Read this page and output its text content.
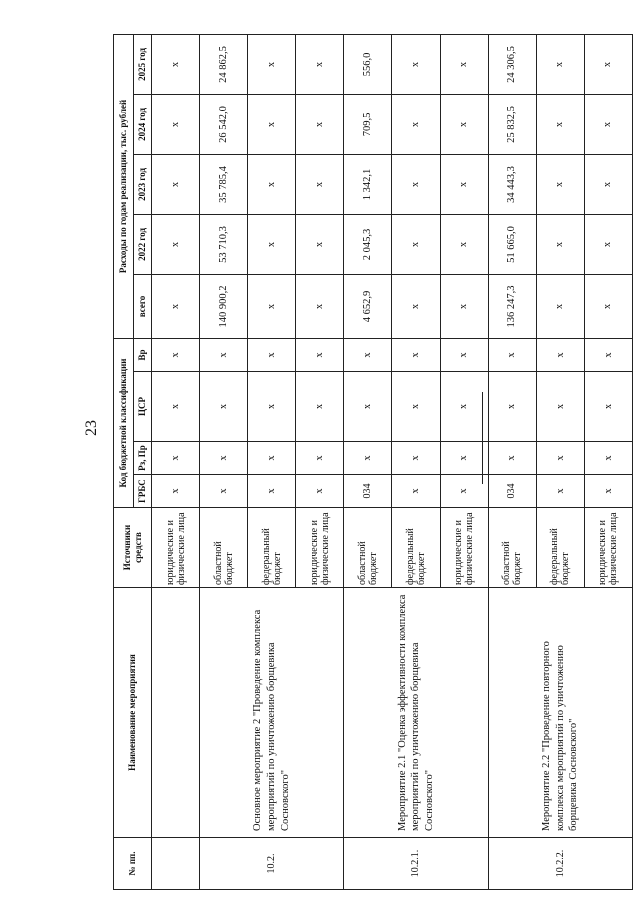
23
№ пп.	Наименование мероприятия	Источники средств	Код бюджетной классификации				Расходы по годам реализации, тыс. рублей				
			ГРБС	Рз, Пр	ЦСР	Вр	всего	2022 год	2023 год	2024 год	2025 год
		юридические и физические лица	х	х	х	х	х	х	х	х	х
10.2.	Основное мероприятие 2 "Проведение комплекса мероприятий по уничтожению борщевика Сосновского"	областной бюджет	х	х	х	х	140 900,2	53 710,3	35 785,4	26 542,0	24 862,5
		федеральный бюджет	х	х	х	х	х	х	х	х	х
		юридические и физические лица	х	х	х	х	х	х	х	х	х
10.2.1.	Мероприятие 2.1 "Оценка эффективности комплекса мероприятий по уничтожению борщевика Сосновского"	областной бюджет	034	х	х	х	4 652,9	2 045,3	1 342,1	709,5	556,0
		федеральный бюджет	х	х	х	х	х	х	х	х	х
		юридические и физические лица	х	х	х	х	х	х	х	х	х
10.2.2.	Мероприятие 2.2 "Проведение повторного комплекса мероприятий по уничтожению борщевика Сосновского"	областной бюджет	034	х	х	х	136 247,3	51 665,0	34 443,3	25 832,5	24 306,5
		федеральный бюджет	х	х	х	х	х	х	х	х	х
		юридические и физические лица	х	х	х	х	х	х	х	х	х
